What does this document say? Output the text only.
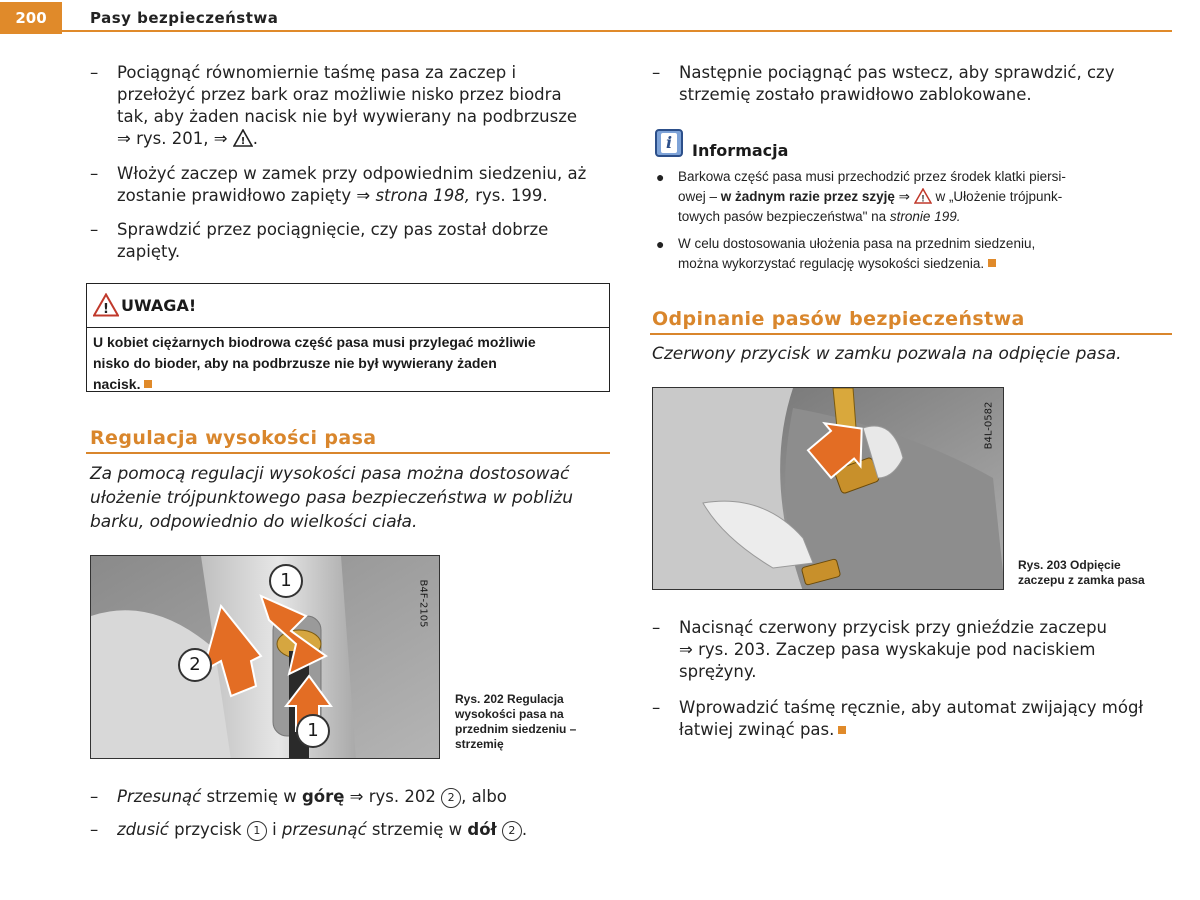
200	Pasy bezpieczeństwa
– Pociągnąć równomiernie taśmę pasa za zaczep i
przełożyć przez bark oraz możliwie nisko przez biodra
tak, aby żaden nacisk nie był wywierany na podbrzusze
⇒ rys. 201, ⇒ ! .
– Włożyć zaczep w zamek przy odpowiednim siedzeniu, aż
zostanie prawidłowo zapięty ⇒ strona 198, rys. 199.
– Sprawdzić przez pociągnięcie, czy pas został dobrze
zapięty.
! UWAGA!
U kobiet ciężarnych biodrowa część pasa musi przylegać możliwie
nisko do bioder, aby na podbrzusze nie był wywierany żaden
nacisk.
Regulacja wysokości pasa
Za pomocą regulacji wysokości pasa można dostosować
ułożenie trójpunktowego pasa bezpieczeństwa w pobliżu
barku, odpowiednio do wielkości ciała.
1
2
1
B4F-2105
Rys. 202 Regulacja
wysokości pasa na
przednim siedzeniu –
strzemię
– Przesunąć strzemię w górę ⇒ rys. 202 2 , albo
– zdusić przycisk 1 i przesunąć strzemię w dół 2 .
– Następnie pociągnąć pas wstecz, aby sprawdzić, czy
strzemię zostało prawidłowo zablokowane.
i	Informacja
● Barkowa część pasa musi przechodzić przez środek klatki piersi-
owej – w żadnym razie przez szyję ⇒ ! w „Ułożenie trójpunk-
towych pasów bezpieczeństwa" na stronie 199.
● W celu dostosowania ułożenia pasa na przednim siedzeniu,
można wykorzystać regulację wysokości siedzenia.
Odpinanie pasów bezpieczeństwa
Czerwony przycisk w zamku pozwala na odpięcie pasa.
B4L-0582
Rys. 203 Odpięcie
zaczepu z zamka pasa
– Nacisnąć czerwony przycisk przy gnieździe zaczepu
⇒ rys. 203. Zaczep pasa wyskakuje pod naciskiem
sprężyny.
– Wprowadzić taśmę ręcznie, aby automat zwijający mógł
łatwiej zwinąć pas.
